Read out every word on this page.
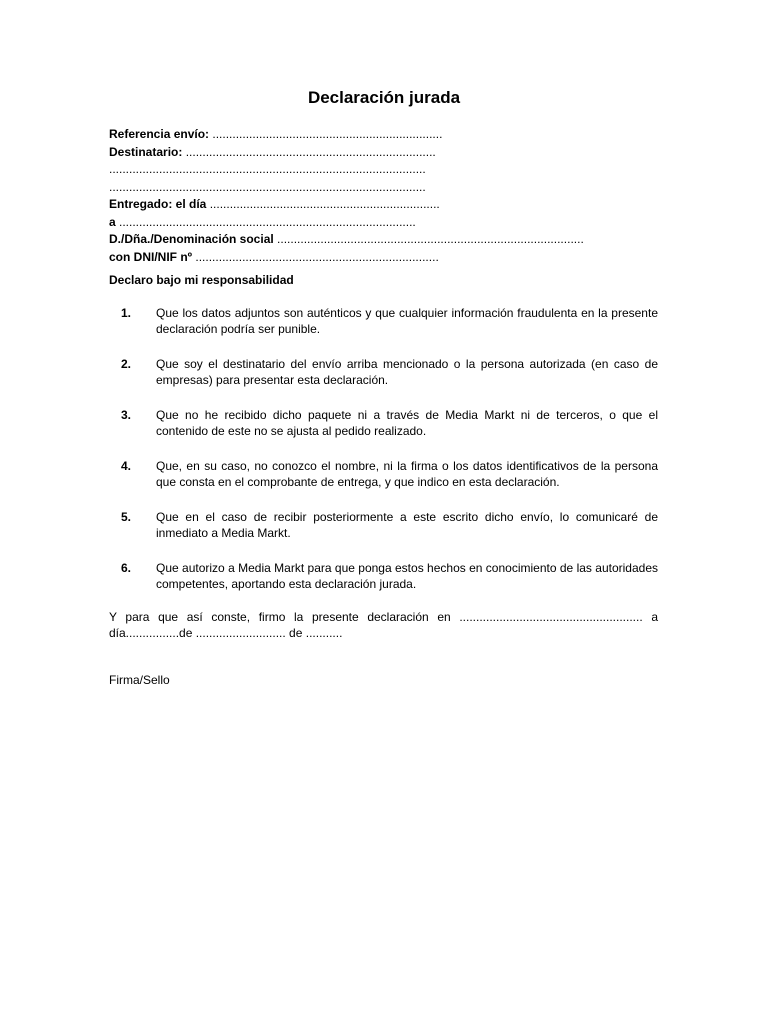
Declaración jurada
Referencia envío: .....................................................................
Destinatario: ...........................................................................
...............................................................................................
...............................................................................................
Entregado: el día .....................................................................
a .........................................................................................
D./Dña./Denominación social ............................................................................................
con DNI/NIF nº .........................................................................
Declaro bajo mi responsabilidad
1. Que los datos adjuntos son auténticos y que cualquier información fraudulenta en la presente declaración podría ser punible.
2. Que soy el destinatario del envío arriba mencionado o la persona autorizada (en caso de empresas) para presentar esta declaración.
3. Que no he recibido dicho paquete ni a través de Media Markt ni de terceros, o que el contenido de este no se ajusta al pedido realizado.
4. Que, en su caso, no conozco el nombre, ni la firma o los datos identificativos de la persona que consta en el comprobante de entrega, y que indico en esta declaración.
5. Que en el caso de recibir posteriormente a este escrito dicho envío, lo comunicaré de inmediato a Media Markt.
6. Que autorizo a Media Markt para que ponga estos hechos en conocimiento de las autoridades competentes, aportando esta declaración jurada.
Y para que así conste, firmo la presente declaración en ....................................................... a
día................de ........................... de ...........
Firma/Sello
